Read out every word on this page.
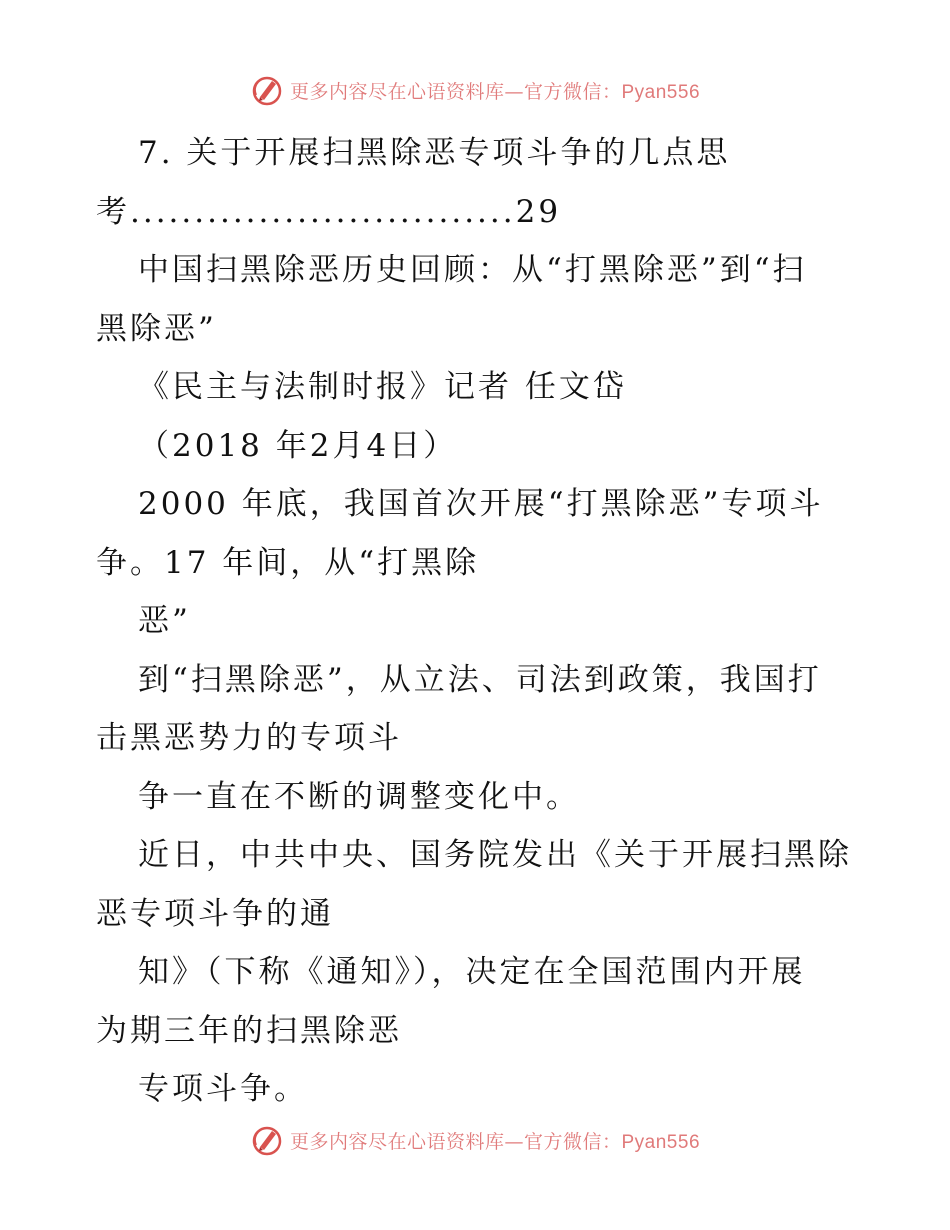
更多内容尽在心语资料库—官方微信：Pyan556
7. 关于开展扫黑除恶专项斗争的几点思
考..............................29
中国扫黑除恶历史回顾：从“打黑除恶”到“扫
黑除恶”
《民主与法制时报》记者 任文岱
（2018 年2月4日）
2000 年底，我国首次开展“打黑除恶”专项斗
争。17 年间，从“打黑除
恶”
到“扫黑除恶”，从立法、司法到政策，我国打
击黑恶势力的专项斗
争一直在不断的调整变化中。
近日，中共中央、国务院发出《关于开展扫黑除
恶专项斗争的通
知》（下称《通知》），决定在全国范围内开展
为期三年的扫黑除恶
专项斗争。
更多内容尽在心语资料库—官方微信：Pyan556
